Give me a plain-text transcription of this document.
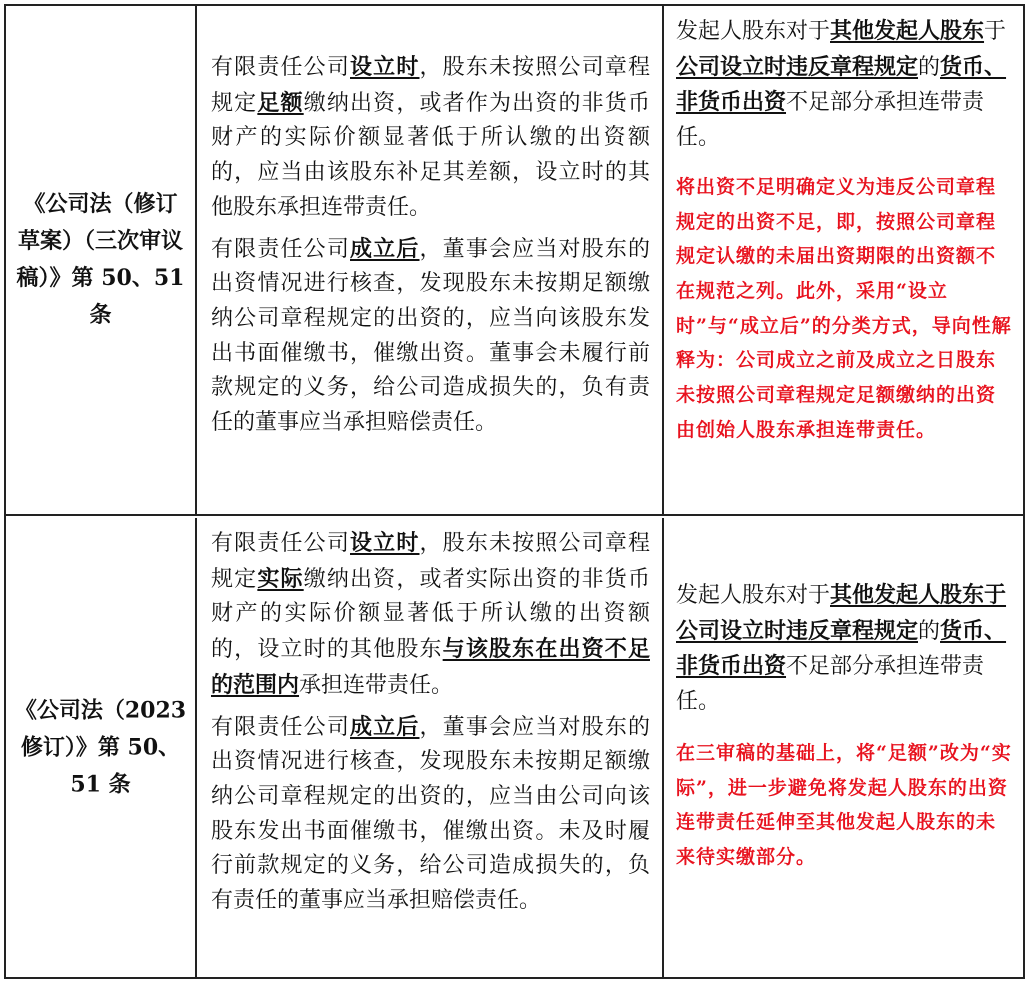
《公司法（修订草案）（三次审议稿）》第 50、51 条

有限责任公司设立时，股东未按照公司章程规定足额缴纳出资，或者作为出资的非货币财产的实际价额显著低于所认缴的出资额的，应当由该股东补足其差额，设立时的其他股东承担连带责任。

有限责任公司成立后，董事会应当对股东的出资情况进行核查，发现股东未按期足额缴纳公司章程规定的出资的，应当向该股东发出书面催缴书，催缴出资。董事会未履行前款规定的义务，给公司造成损失的，负有责任的董事应当承担赔偿责任。

发起人股东对于其他发起人股东于公司设立时违反章程规定的货币、非货币出资不足部分承担连带责任。

将出资不足明确定义为违反公司章程规定的出资不足，即，按照公司章程规定认缴的未届出资期限的出资额不在规范之列。此外，采用“设立时”与“成立后”的分类方式，导向性解释为：公司成立之前及成立之日股东未按照公司章程规定足额缴纳的出资由创始人股东承担连带责任。

《公司法（2023 修订）》第 50、51 条

有限责任公司设立时，股东未按照公司章程规定实际缴纳出资，或者实际出资的非货币财产的实际价额显著低于所认缴的出资额的，设立时的其他股东与该股东在出资不足的范围内承担连带责任。

有限责任公司成立后，董事会应当对股东的出资情况进行核查，发现股东未按期足额缴纳公司章程规定的出资的，应当由公司向该股东发出书面催缴书，催缴出资。未及时履行前款规定的义务，给公司造成损失的，负有责任的董事应当承担赔偿责任。

发起人股东对于其他发起人股东于公司设立时违反章程规定的货币、非货币出资不足部分承担连带责任。

在三审稿的基础上，将“足额”改为“实际”，进一步避免将发起人股东的出资连带责任延伸至其他发起人股东的未来待实缴部分。
